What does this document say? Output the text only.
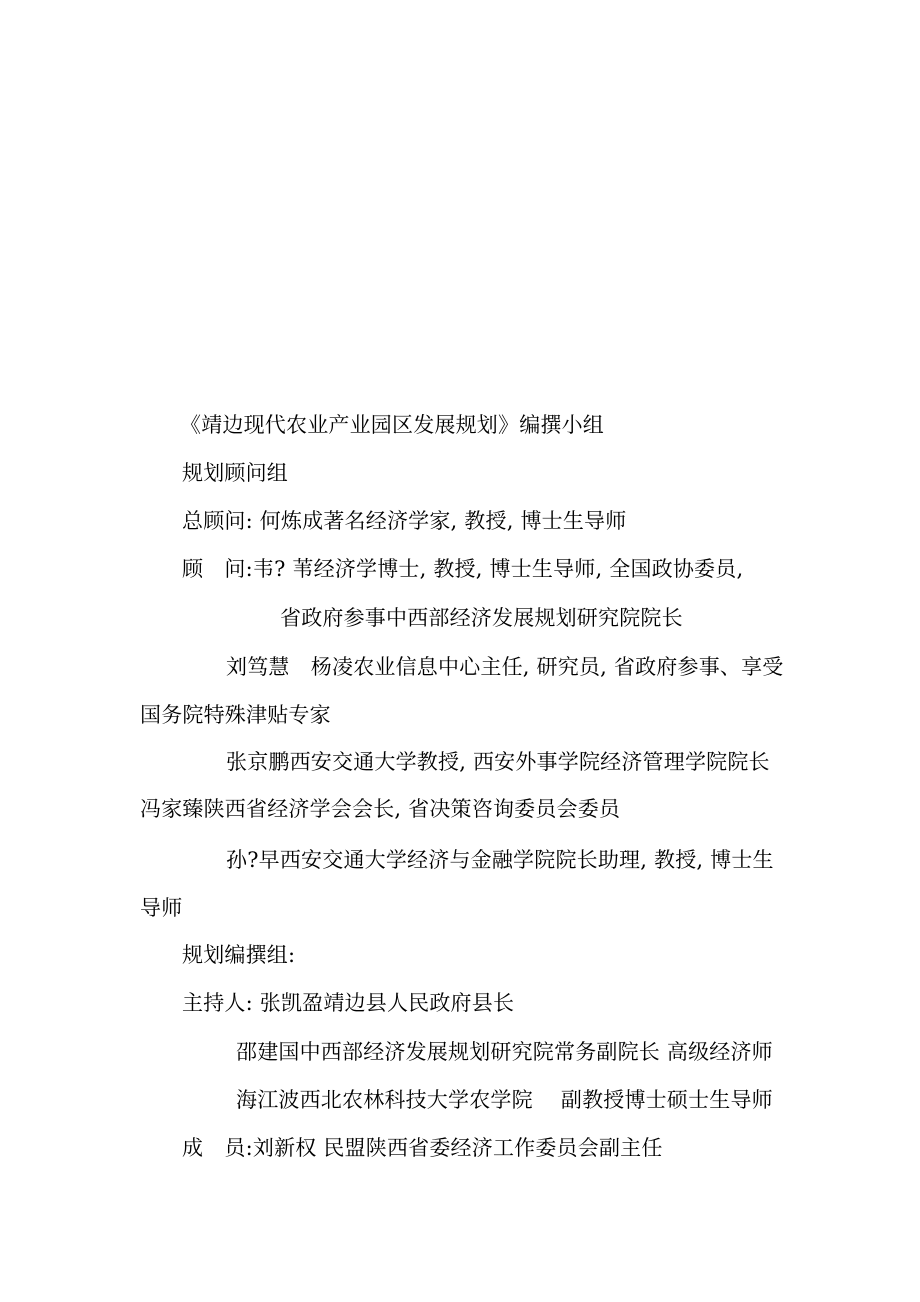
《靖边现代农业产业园区发展规划》编撰小组
规划顾问组
总顾问: 何炼成著名经济学家, 教授, 博士生导师
顾　问:韦? 苇经济学博士, 教授, 博士生导师, 全国政协委员,
省政府参事中西部经济发展规划研究院院长
刘笃慧　杨凌农业信息中心主任, 研究员, 省政府参事、享受
国务院特殊津贴专家
张京鹏西安交通大学教授, 西安外事学院经济管理学院院长
冯家臻陕西省经济学会会长, 省决策咨询委员会委员
孙?早西安交通大学经济与金融学院院长助理, 教授, 博士生
导师
规划编撰组:
主持人: 张凯盈靖边县人民政府县长
邵建国中西部经济发展规划研究院常务副院长 高级经济师
海江波西北农林科技大学农学院　 副教授博士硕士生导师
成　员:刘新权 民盟陕西省委经济工作委员会副主任
